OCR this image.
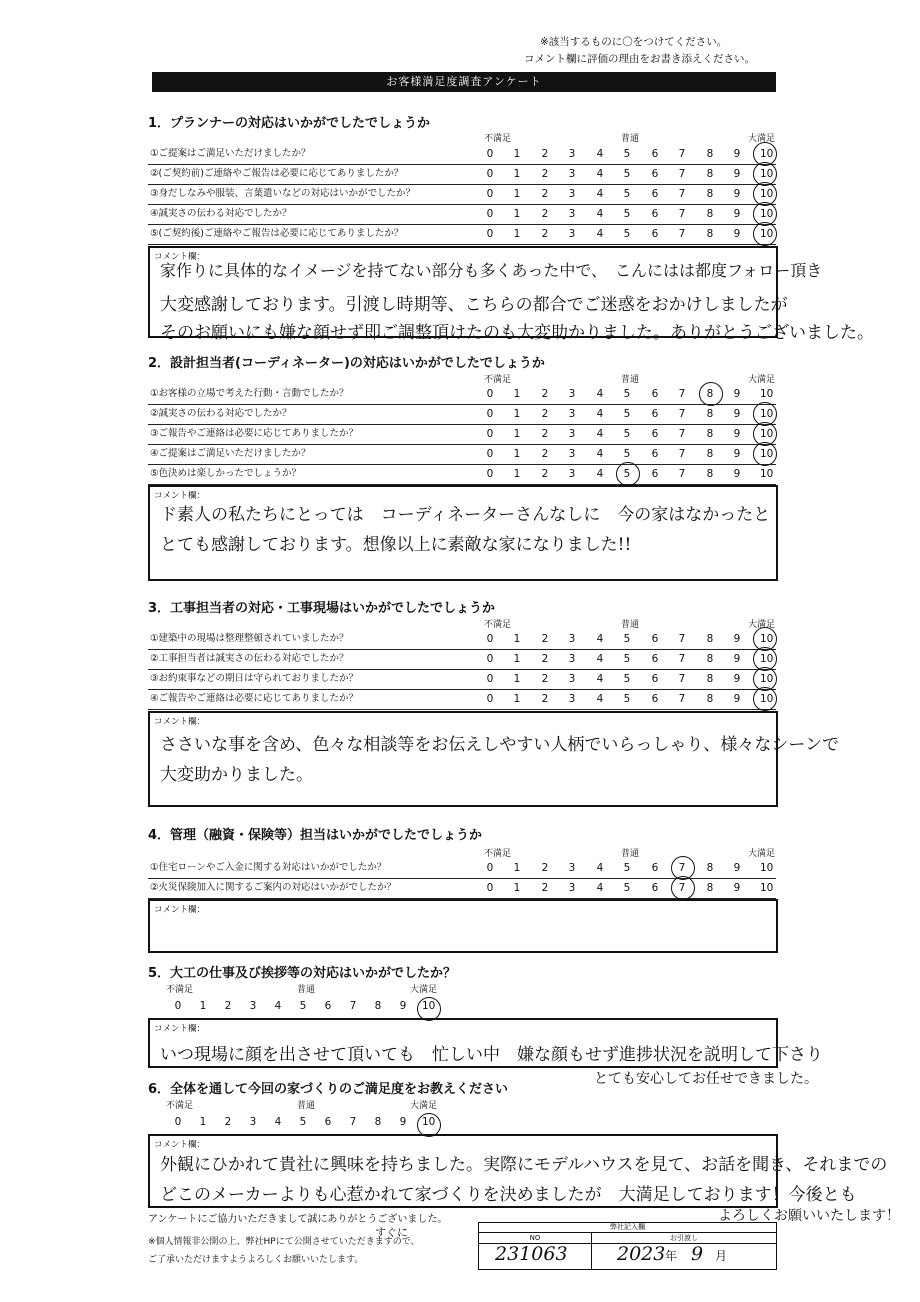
※該当するものに〇をつけてください。
コメント欄に評価の理由をお書き添えください。
お客様満足度調査アンケート
1．プランナーの対応はいかがでしたでしょうか
不満足	普通	大満足
①ご提案はご満足いただけましたか？	0 1 2 3 4 5 6 7 8 9 10
②(ご契約前)ご連絡やご報告は必要に応じてありましたか？	0 1 2 3 4 5 6 7 8 9 10
③身だしなみや服装、言葉遣いなどの対応はいかがでしたか？	0 1 2 3 4 5 6 7 8 9 10
④誠実さの伝わる対応でしたか？	0 1 2 3 4 5 6 7 8 9 10
⑤(ご契約後)ご連絡やご報告は必要に応じてありましたか？	0 1 2 3 4 5 6 7 8 9 10
コメント欄：
家作りに具体的なイメージを持てない部分も多くあった中で、　こんにはは都度フォロー頂き
大変感謝しております。引渡し時期等、こちらの都合でご迷惑をおかけしましたが
そのお願いにも嫌な顔せず即ご調整頂けたのも大変助かりました。ありがとうございました。
2．設計担当者(コーディネーター)の対応はいかがでしたでしょうか
不満足	普通	大満足
①お客様の立場で考えた行動・言動でしたか？	0 1 2 3 4 5 6 7 8 9 10
②誠実さの伝わる対応でしたか？	0 1 2 3 4 5 6 7 8 9 10
③ご報告やご連絡は必要に応じてありましたか？	0 1 2 3 4 5 6 7 8 9 10
④ご提案はご満足いただけましたか？	0 1 2 3 4 5 6 7 8 9 10
⑤色決めは楽しかったでしょうか？	0 1 2 3 4 5 6 7 8 9 10
コメント欄：
ド素人の私たちにとっては　コーディネーターさんなしに　今の家はなかったと
とても感謝しております。想像以上に素敵な家になりました!!
3．工事担当者の対応・工事現場はいかがでしたでしょうか
不満足	普通	大満足
①建築中の現場は整理整頓されていましたか？	0 1 2 3 4 5 6 7 8 9 10
②工事担当者は誠実さの伝わる対応でしたか？	0 1 2 3 4 5 6 7 8 9 10
③お約束事などの期日は守られておりましたか？	0 1 2 3 4 5 6 7 8 9 10
④ご報告やご連絡は必要に応じてありましたか？	0 1 2 3 4 5 6 7 8 9 10
コメント欄：
ささいな事を含め、色々な相談等をお伝えしやすい人柄でいらっしゃり、様々なシーンで
大変助かりました。
4．管理（融資・保険等）担当はいかがでしたでしょうか
不満足	普通	大満足
①住宅ローンやご入金に関する対応はいかがでしたか？	0 1 2 3 4 5 6 7 8 9 10
②火災保険加入に関するご案内の対応はいかがでしたか？	0 1 2 3 4 5 6 7 8 9 10
コメント欄：
5．大工の仕事及び挨拶等の対応はいかがでしたか？
不満足	普通	大満足
0 1 2 3 4 5 6 7 8 9 10
コメント欄：
いつ現場に顔を出させて頂いても　忙しい中　嫌な顔もせず進捗状況を説明して下さり
とても安心してお任せできました。
6．全体を通して今回の家づくりのご満足度をお教えください
不満足	普通	大満足
0 1 2 3 4 5 6 7 8 9 10
コメント欄：
外観にひかれて貴社に興味を持ちました。実際にモデルハウスを見て、お話を聞き、それまでの
どこのメーカーよりも心惹かれて家づくりを決めましたが　大満足しております！今後とも
よろしくお願いいたします！
アンケートにご協力いただきまして誠にありがとうございました。
すぐに
※個人情報非公開の上、弊社HPにて公開させていただきますので、
ご了承いただけますようよろしくお願いいたします。
弊社記入欄
NO	お引渡し
231063	2023 年 9 月
